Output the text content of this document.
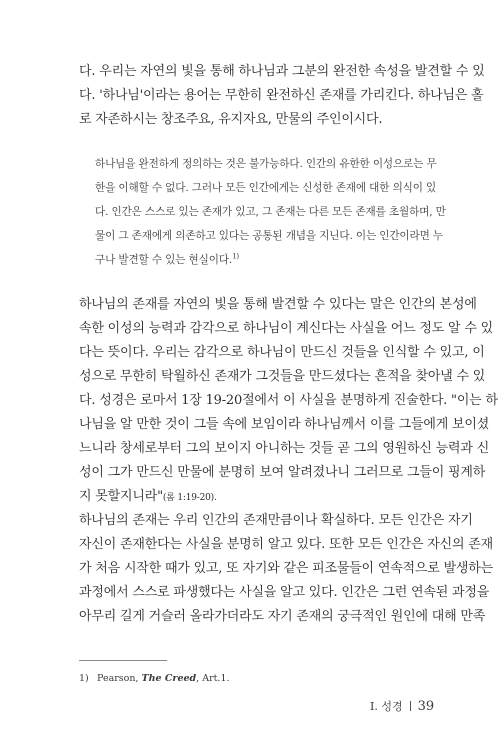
다. 우리는 자연의 빛을 통해 하나님과 그분의 완전한 속성을 발견할 수 있
다. '하나님'이라는 용어는 무한히 완전하신 존재를 가리킨다. 하나님은 홀
로 자존하시는 창조주요, 유지자요, 만물의 주인이시다.
하나님을 완전하게 정의하는 것은 불가능하다. 인간의 유한한 이성으로는 무
한을 이해할 수 없다. 그러나 모든 인간에게는 신성한 존재에 대한 의식이 있
다. 인간은 스스로 있는 존재가 있고, 그 존재는 다른 모든 존재를 초월하며, 만
물이 그 존재에게 의존하고 있다는 공통된 개념을 지닌다. 이는 인간이라면 누
구나 발견할 수 있는 현실이다.$^{1)}$
하나님의 존재를 자연의 빛을 통해 발견할 수 있다는 말은 인간의 본성에
속한 이성의 능력과 감각으로 하나님이 계신다는 사실을 어느 정도 알 수 있
다는 뜻이다. 우리는 감각으로 하나님이 만드신 것들을 인식할 수 있고, 이
성으로 무한히 탁월하신 존재가 그것들을 만드셨다는 흔적을 찾아낼 수 있
다. 성경은 로마서 1장 19-20절에서 이 사실을 분명하게 진술한다. "이는 하
나님을 알 만한 것이 그들 속에 보임이라 하나님께서 이를 그들에게 보이셨
느니라 창세로부터 그의 보이지 아니하는 것들 곧 그의 영원하신 능력과 신
성이 그가 만드신 만물에 분명히 보여 알려졌나니 그러므로 그들이 핑계하
지 못할지니라"(롬 1:19-20).
하나님의 존재는 우리 인간의 존재만큼이나 확실하다. 모든 인간은 자기
자신이 존재한다는 사실을 분명히 알고 있다. 또한 모든 인간은 자신의 존재
가 처음 시작한 때가 있고, 또 자기와 같은 피조물들이 연속적으로 발생하는
과정에서 스스로 파생했다는 사실을 알고 있다. 인간은 그런 연속된 과정을
아무리 길게 거슬러 올라가더라도 자기 존재의 궁극적인 원인에 대해 만족
1) Pearson, The Creed, Art.1.
I. 성경 39
